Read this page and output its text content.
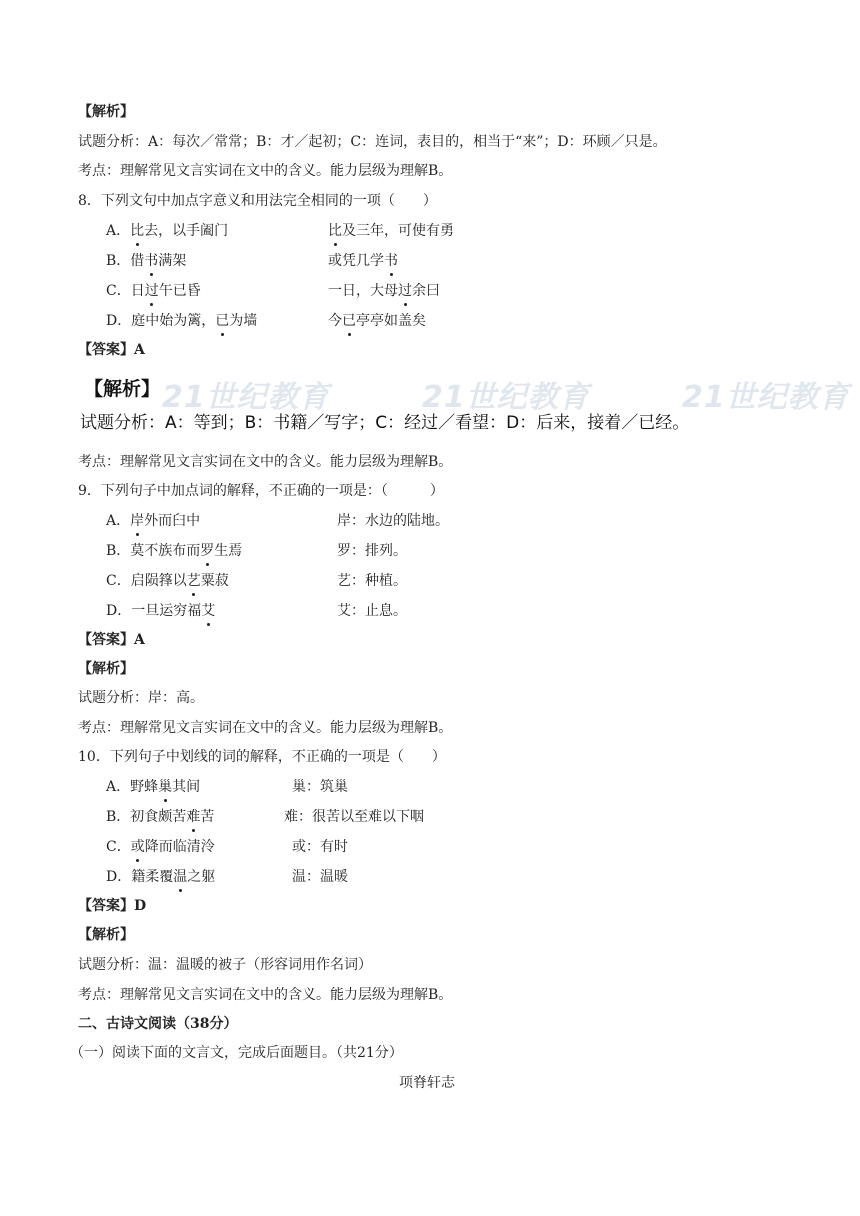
【解析】
试题分析：A：每次／常常；B：才／起初；C：连词，表目的，相当于“来”；D：环顾／只是。
考点：理解常见文言实词在文中的含义。能力层级为理解B。
8．下列文句中加点字意义和用法完全相同的一项（　　）
A．比去，以手阖门	比及三年，可使有勇
B．借书满架	或凭几学书
C．日过午已昏	一日，大母过余曰
D．庭中始为篱，已为墙	今已亭亭如盖矣
【答案】A
21世纪教育	21世纪教育	21世纪教育
【解析】
试题分析：A：等到；B：书籍／写字；C：经过／看望：D：后来，接着／已经。
考点：理解常见文言实词在文中的含义。能力层级为理解B。
9．下列句子中加点词的解释，不正确的一项是：（　　　）
A．岸外而臼中	岸：水边的陆地。
B．莫不族布而罗生焉	罗：排列。
C．启陨箨以艺粟菽	艺：种植。
D．一旦运穷福艾	艾：止息。
【答案】A
【解析】
试题分析：岸：高。
考点：理解常见文言实词在文中的含义。能力层级为理解B。
10．下列句子中划线的词的解释，不正确的一项是（　　）
A．野蜂巢其间	巢：筑巢
B．初食颇苦难苦	难：很苦以至难以下咽
C．或降而临清泠	或：有时
D．籍柔覆温之躯	温：温暖
【答案】D
【解析】
试题分析：温：温暖的被子（形容词用作名词）
考点：理解常见文言实词在文中的含义。能力层级为理解B。
二、古诗文阅读（38分）
（一）阅读下面的文言文，完成后面题目。（共21分）
项脊轩志
